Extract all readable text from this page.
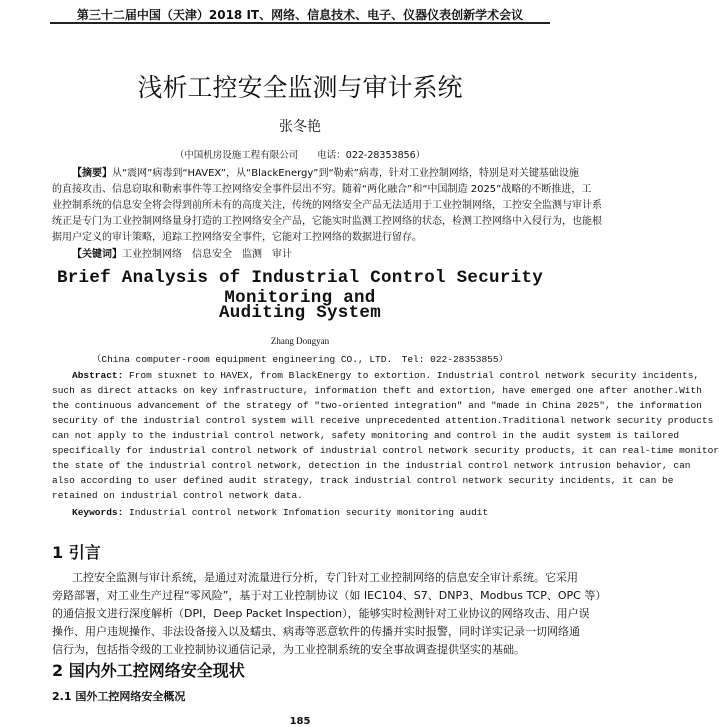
第三十二届中国（天津）2018 IT、网络、信息技术、电子、仪器仪表创新学术会议
浅析工控安全监测与审计系统
张冬艳
（中国机房设施工程有限公司　　电话：022-28353856）
【摘要】从“震网”病毒到“HAVEX”，从“BlackEnergy”到“勒索”病毒，针对工业控制网络，特别是对关键基础设施
的直接攻击、信息窃取和勒索事件等工控网络安全事件层出不穷。随着“两化融合”和“中国制造 2025”战略的不断推进，工
业控制系统的信息安全将会得到前所未有的高度关注，传统的网络安全产品无法适用于工业控制网络，工控安全监测与审计系
统正是专门为工业控制网络量身打造的工控网络安全产品，它能实时监测工控网络的状态，检测工控网络中入侵行为，也能根
据用户定义的审计策略，追踪工控网络安全事件，它能对工控网络的数据进行留存。
【关键词】工业控制网络　信息安全　监测　审计
Brief Analysis of Industrial Control Security Monitoring and
Auditing System
Zhang Dongyan
（China computer-room equipment engineering CO., LTD.　Tel: 022-28353855）
Abstract: From stuxnet to HAVEX, from BlackEnergy to extortion. Industrial control network security incidents,
such as direct attacks on key infrastructure, information theft and extortion, have emerged one after another.With
the continuous advancement of the strategy of "two-oriented integration" and "made in China 2025", the information
security of the industrial control system will receive unprecedented attention.Traditional network security products
can not apply to the industrial control network, safety monitoring and control in the audit system is tailored
specifically for industrial control network of industrial control network security products, it can real-time monitor
the state of the industrial control network, detection in the industrial control network intrusion behavior, can
also according to user defined audit strategy, track industrial control network security incidents, it can be
retained on industrial control network data.
Keywords: Industrial control network Infomation security monitoring audit
1 引言
工控安全监测与审计系统，是通过对流量进行分析，专门针对工业控制网络的信息安全审计系统。它采用
旁路部署，对工业生产过程“零风险”，基于对工业控制协议（如 IEC104、S7、DNP3、Modbus TCP、OPC 等）
的通信报文进行深度解析（DPI，Deep Packet Inspection），能够实时检测针对工业协议的网络攻击、用户误
操作、用户违规操作、非法设备接入以及蠕虫、病毒等恶意软件的传播并实时报警，同时详实记录一切网络通
信行为，包括指令级的工业控制协议通信记录，为工业控制系统的安全事故调查提供坚实的基础。
2 国内外工控网络安全现状
2.1 国外工控网络安全概况
185
